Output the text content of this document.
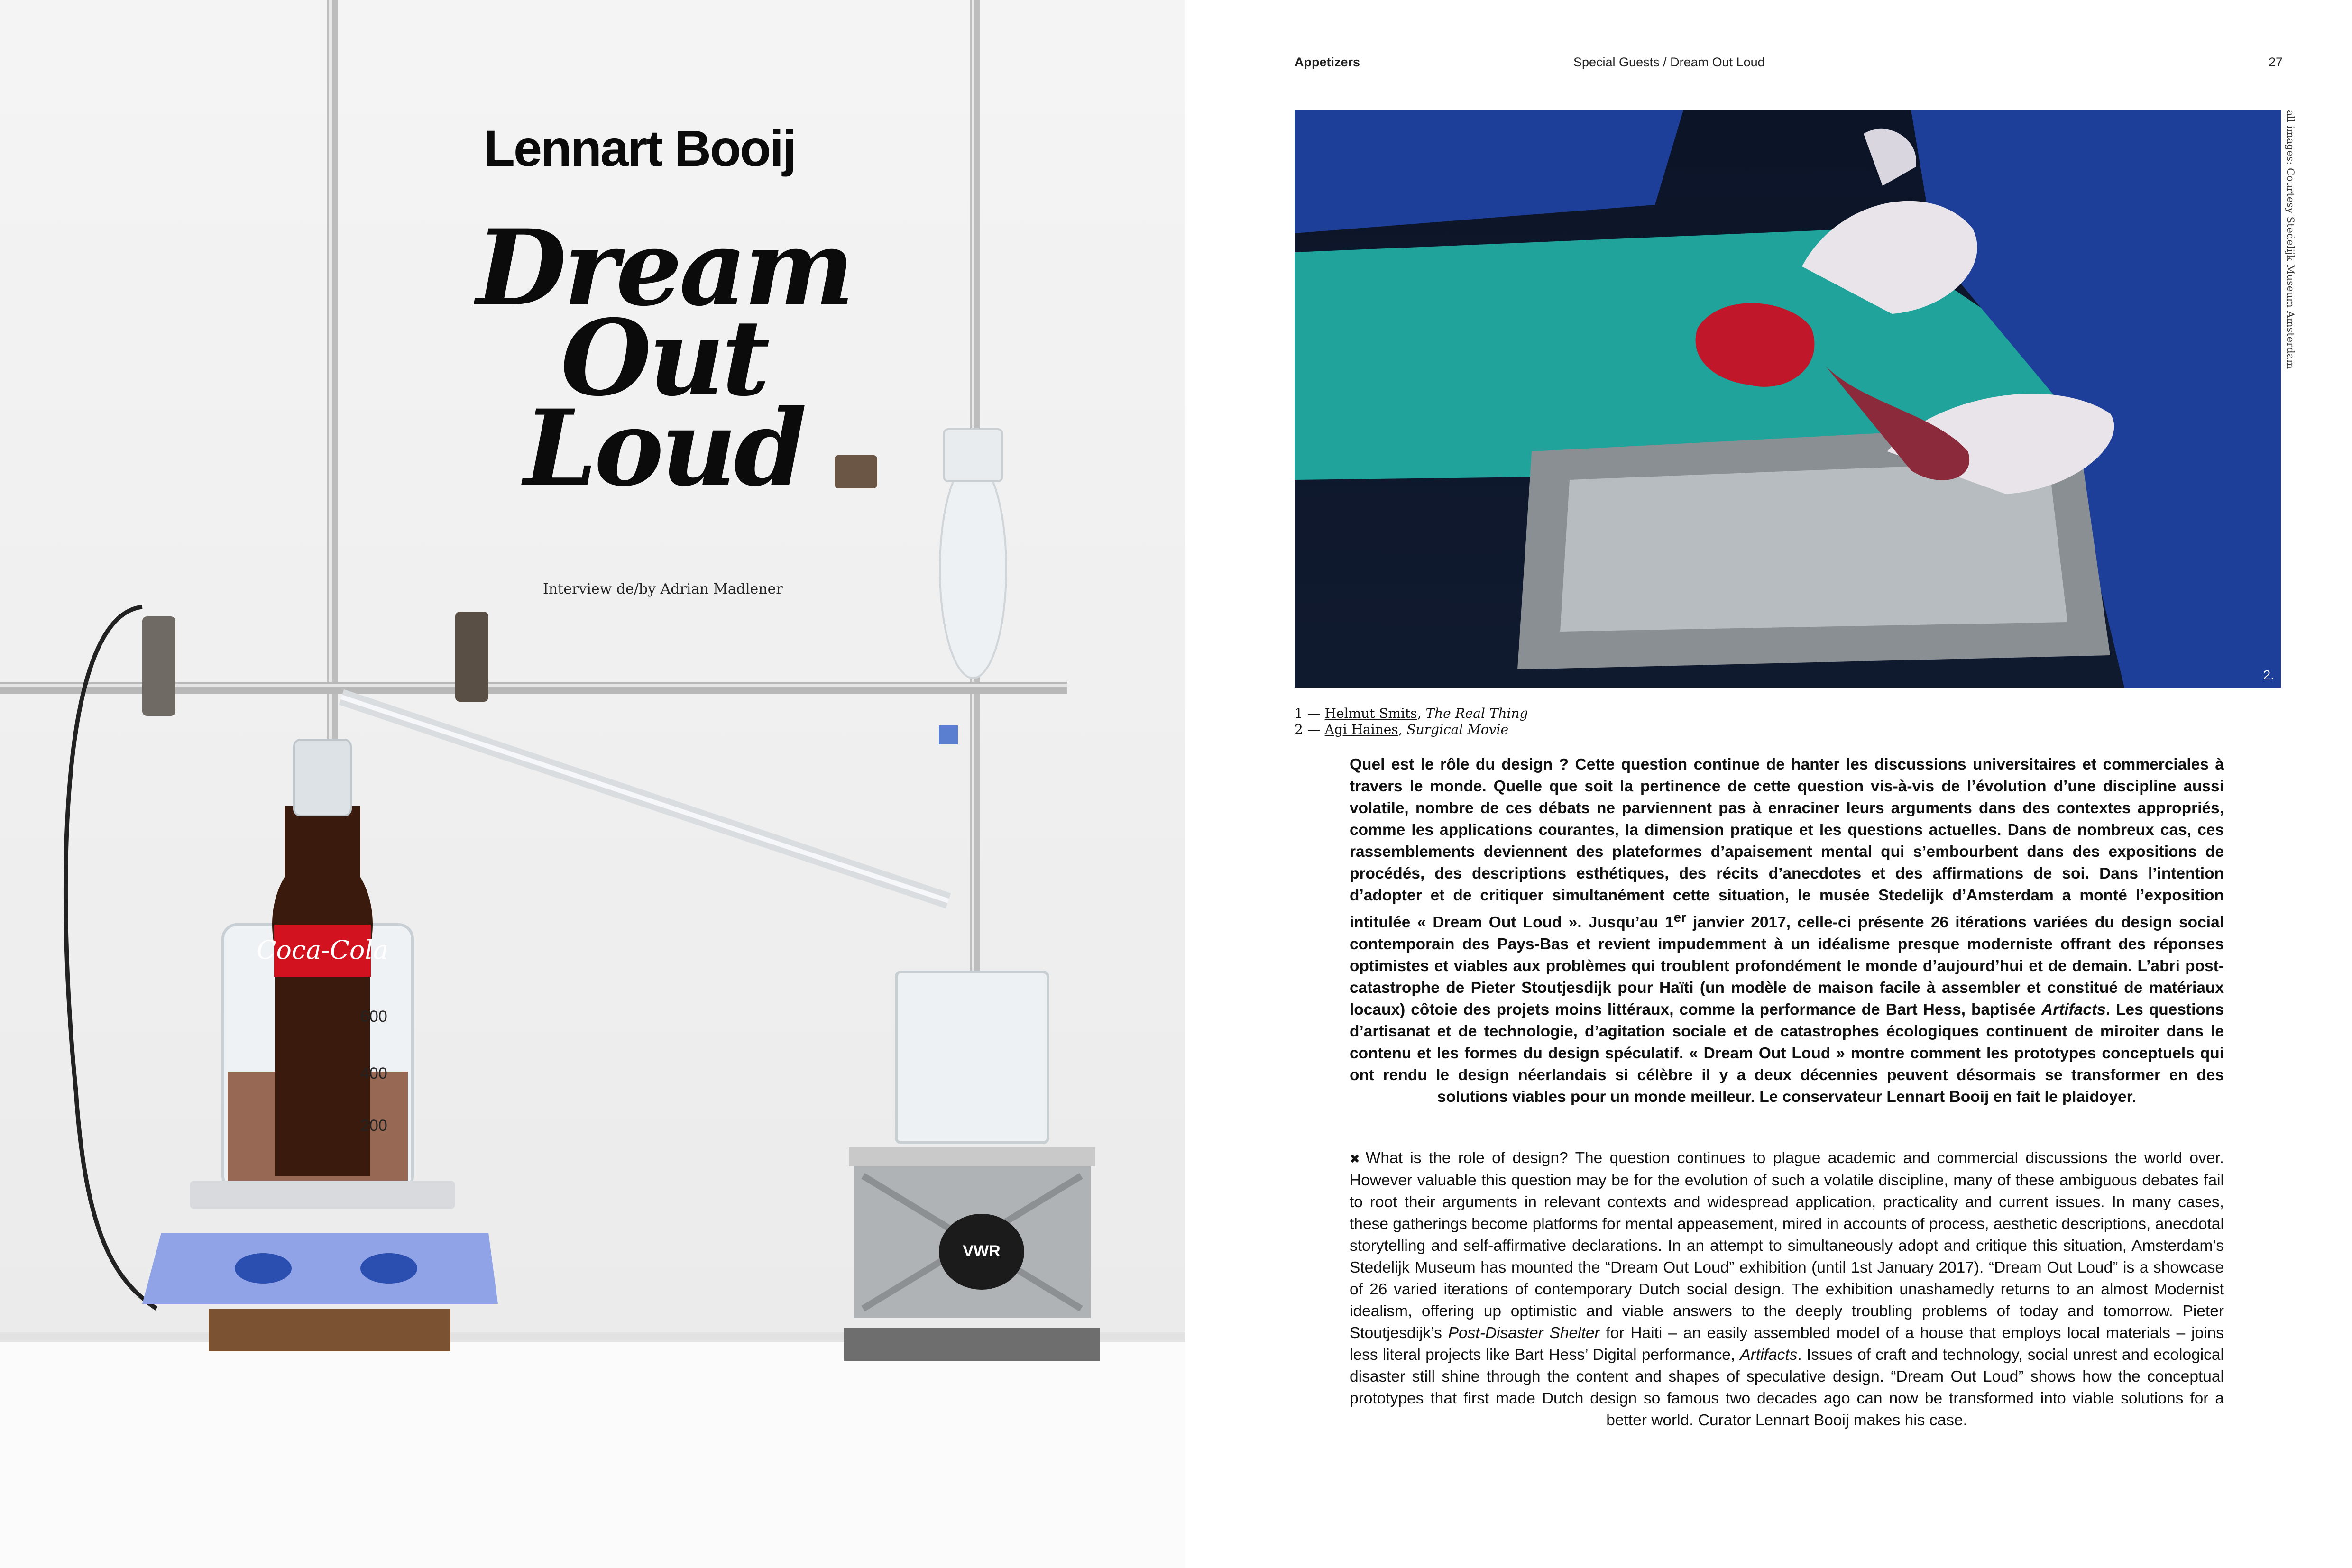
Coca-Cola
600
400
200
VWR
Lennart Booij
Dream
Out
Loud
Interview de/by Adrian Madlener
Appetizers	Special Guests / Dream Out Loud	27
2.
all images: Courtesy Stedelijk Museum Amsterdam
1 — Helmut Smits, The Real Thing
2 — Agi Haines, Surgical Movie

Quel est le rôle du design ? Cette question continue de hanter les discussions universitaires et commerciales à travers le monde. Quelle que soit la pertinence de cette question vis-à-vis de l’évolution d’une discipline aussi volatile, nombre de ces débats ne parviennent pas à enraciner leurs arguments dans des contextes appropriés, comme les applications courantes, la dimension pratique et les questions actuelles. Dans de nombreux cas, ces rassemblements deviennent des plateformes d’apaisement mental qui s’embourbent dans des expositions de procédés, des descriptions esthétiques, des récits d’anecdotes et des affirmations de soi. Dans l’intention d’adopter et de critiquer simultanément cette situation, le musée Stedelijk d’Amsterdam a monté l’exposition intitulée « Dream Out Loud ». Jusqu’au 1er janvier 2017, celle-ci présente 26 itérations variées du design social contemporain des Pays-Bas et revient impudemment à un idéalisme presque moderniste offrant des réponses optimistes et viables aux problèmes qui troublent profondément le monde d’aujourd’hui et de demain. L’abri post-catastrophe de Pieter Stoutjesdijk pour Haïti (un modèle de maison facile à assembler et constitué de matériaux locaux) côtoie des projets moins littéraux, comme la performance de Bart Hess, baptisée Artifacts. Les questions d’artisanat et de technologie, d’agitation sociale et de catastrophes écologiques continuent de miroiter dans le contenu et les formes du design spéculatif. « Dream Out Loud » montre comment les prototypes conceptuels qui ont rendu le design néerlandais si célèbre il y a deux décennies peuvent désormais se transformer en des solutions viables pour un monde meilleur. Le conservateur Lennart Booij en fait le plaidoyer.

✖ What is the role of design? The question continues to plague academic and commercial discussions the world over. However valuable this question may be for the evolution of such a volatile discipline, many of these ambiguous debates fail to root their arguments in relevant contexts and widespread application, practicality and current issues. In many cases, these gatherings become platforms for mental appeasement, mired in accounts of process, aesthetic descriptions, anecdotal storytelling and self-affirmative declarations. In an attempt to simultaneously adopt and critique this situation, Amsterdam’s Stedelijk Museum has mounted the “Dream Out Loud” exhibition (until 1st January 2017). “Dream Out Loud” is a showcase of 26 varied iterations of contemporary Dutch social design. The exhibition unashamedly returns to an almost Modernist idealism, offering up optimistic and viable answers to the deeply troubling problems of today and tomorrow. Pieter Stoutjesdijk’s Post-Disaster Shelter for Haiti – an easily assembled model of a house that employs local materials – joins less literal projects like Bart Hess’ Digital performance, Artifacts. Issues of craft and technology, social unrest and ecological disaster still shine through the content and shapes of speculative design. “Dream Out Loud” shows how the conceptual prototypes that first made Dutch design so famous two decades ago can now be transformed into viable solutions for a better world. Curator Lennart Booij makes his case.
